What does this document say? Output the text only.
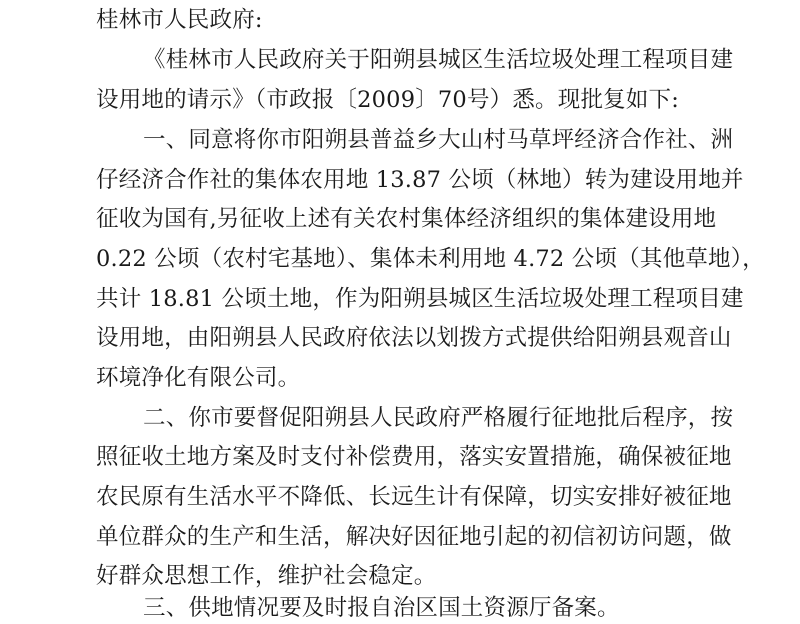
桂林市人民政府:
《桂林市人民政府关于阳朔县城区生活垃圾处理工程项目建
设用地的请示》（市政报〔2009〕70号）悉。现批复如下:
一、同意将你市阳朔县普益乡大山村马草坪经济合作社、洲
仔经济合作社的集体农用地 13.87 公顷（林地）转为建设用地并
征收为国有,另征收上述有关农村集体经济组织的集体建设用地
0.22 公顷（农村宅基地）、集体未利用地 4.72 公顷（其他草地），
共计 18.81 公顷土地，作为阳朔县城区生活垃圾处理工程项目建
设用地，由阳朔县人民政府依法以划拨方式提供给阳朔县观音山
环境净化有限公司。
二、你市要督促阳朔县人民政府严格履行征地批后程序，按
照征收土地方案及时支付补偿费用，落实安置措施，确保被征地
农民原有生活水平不降低、长远生计有保障，切实安排好被征地
单位群众的生产和生活，解决好因征地引起的初信初访问题，做
好群众思想工作，维护社会稳定。
三、供地情况要及时报自治区国土资源厅备案。
